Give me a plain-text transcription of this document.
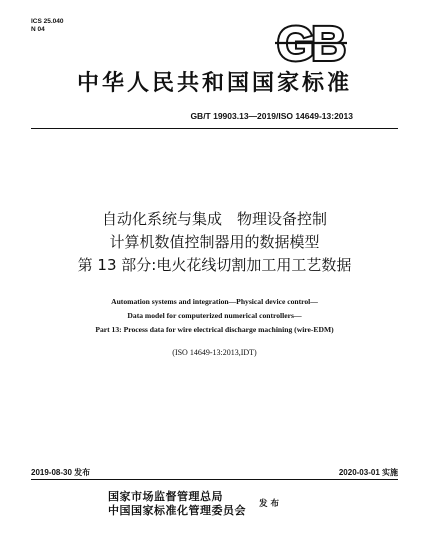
ICS 25.040
N 04	GB
中华人民共和国国家标准
GB/T 19903.13—2019/ISO 14649-13:2013
自动化系统与集成　物理设备控制
计算机数值控制器用的数据模型
第 13 部分:电火花线切割加工用工艺数据
Automation systems and integration—Physical device control—
Data model for computerized numerical controllers—
Part 13: Process data for wire electrical discharge machining (wire-EDM)
(ISO 14649-13:2013,IDT)
2019-08-30 发布	2020-03-01 实施
国家市场监督管理总局
中国国家标准化管理委员会 发布
